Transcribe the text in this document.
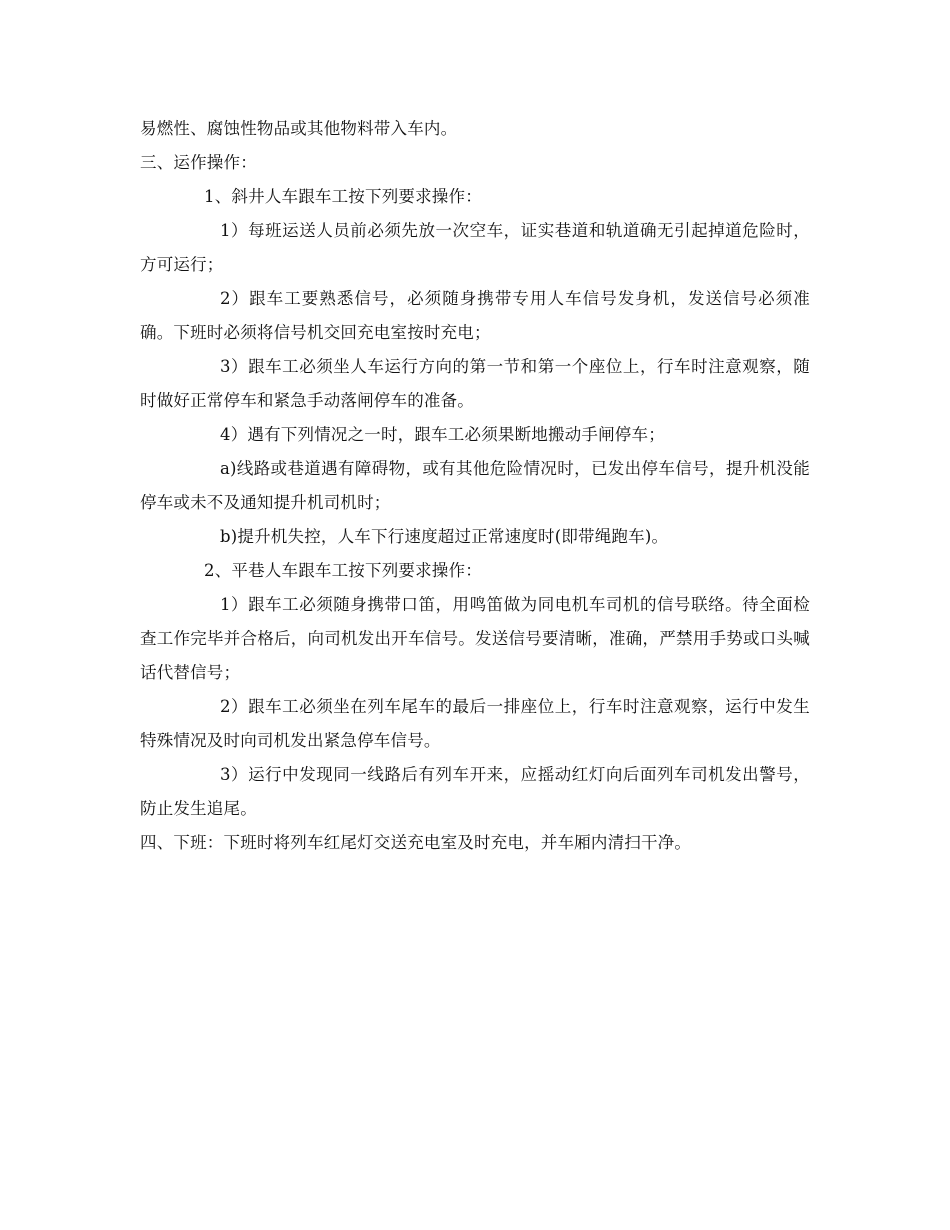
易燃性、腐蚀性物品或其他物料带入车内。

三、运作操作：

1、斜井人车跟车工按下列要求操作：

1）每班运送人员前必须先放一次空车，证实巷道和轨道确无引起掉道危险时，方可运行；

2）跟车工要熟悉信号，必须随身携带专用人车信号发身机，发送信号必须准确。下班时必须将信号机交回充电室按时充电；

3）跟车工必须坐人车运行方向的第一节和第一个座位上，行车时注意观察，随时做好正常停车和紧急手动落闸停车的准备。

4）遇有下列情况之一时，跟车工必须果断地搬动手闸停车；

a)线路或巷道遇有障碍物，或有其他危险情况时，已发出停车信号，提升机没能停车或未不及通知提升机司机时；

b)提升机失控，人车下行速度超过正常速度时(即带绳跑车)。

2、平巷人车跟车工按下列要求操作：

1）跟车工必须随身携带口笛，用鸣笛做为同电机车司机的信号联络。待全面检查工作完毕并合格后，向司机发出开车信号。发送信号要清晰，准确，严禁用手势或口头喊话代替信号；

2）跟车工必须坐在列车尾车的最后一排座位上，行车时注意观察，运行中发生特殊情况及时向司机发出紧急停车信号。

3）运行中发现同一线路后有列车开来，应摇动红灯向后面列车司机发出警号，防止发生追尾。

四、下班：下班时将列车红尾灯交送充电室及时充电，并车厢内清扫干净。
